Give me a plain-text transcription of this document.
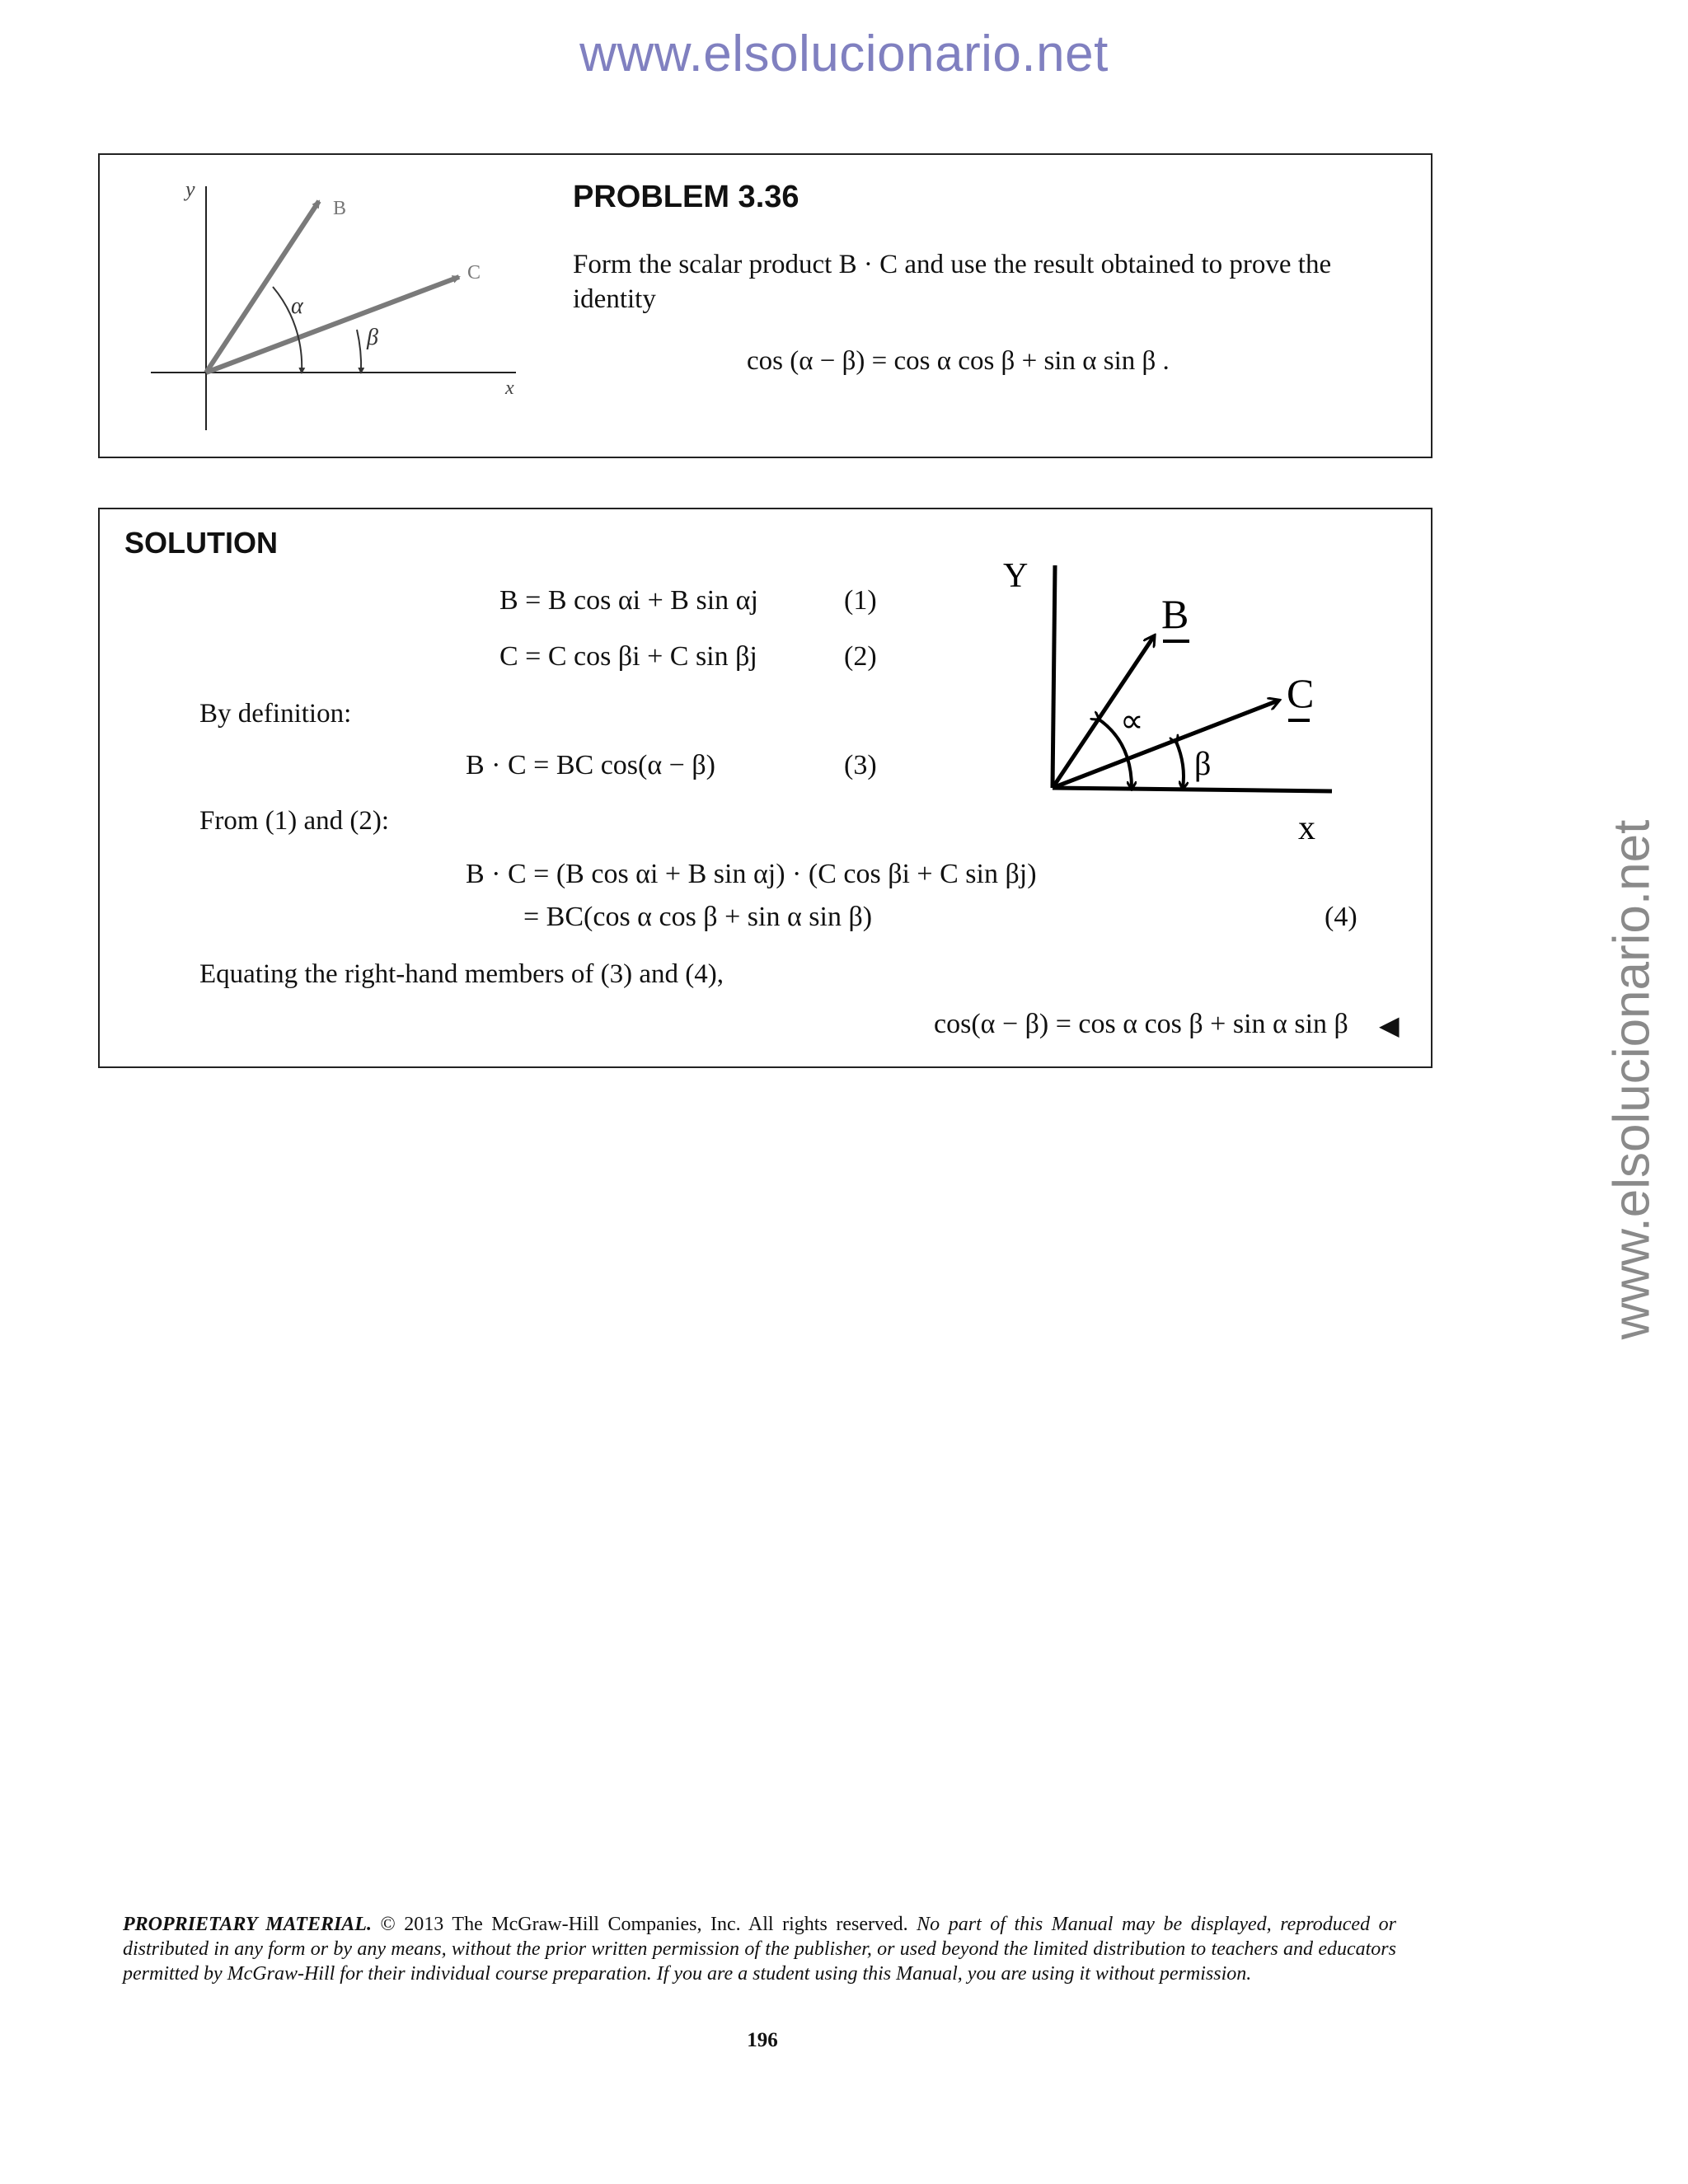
www.elsolucionario.net
www.elsolucionario.net
y
x
B
C
α
β
PROBLEM 3.36
Form the scalar product B · C and use the result obtained to prove the identity
cos (α − β) = cos α cos β + sin α sin β .
SOLUTION
B = B cos αi + B sin αj	(1)
C = C cos βi + C sin βj	(2)
By definition:
B · C = BC cos(α − β)	(3)
From (1) and (2):
B · C = (B cos αi + B sin αj) · (C cos βi + C sin βj)
= BC(cos α cos β + sin α sin β)	(4)
Equating the right-hand members of (3) and (4),
cos(α − β) = cos α cos β + sin α sin β ◀
Y
x
B
C
∝
β
PROPRIETARY MATERIAL. © 2013 The McGraw-Hill Companies, Inc. All rights reserved. No part of this Manual may be displayed, reproduced or distributed in any form or by any means, without the prior written permission of the publisher, or used beyond the limited distribution to teachers and educators permitted by McGraw-Hill for their individual course preparation. If you are a student using this Manual, you are using it without permission.
196
